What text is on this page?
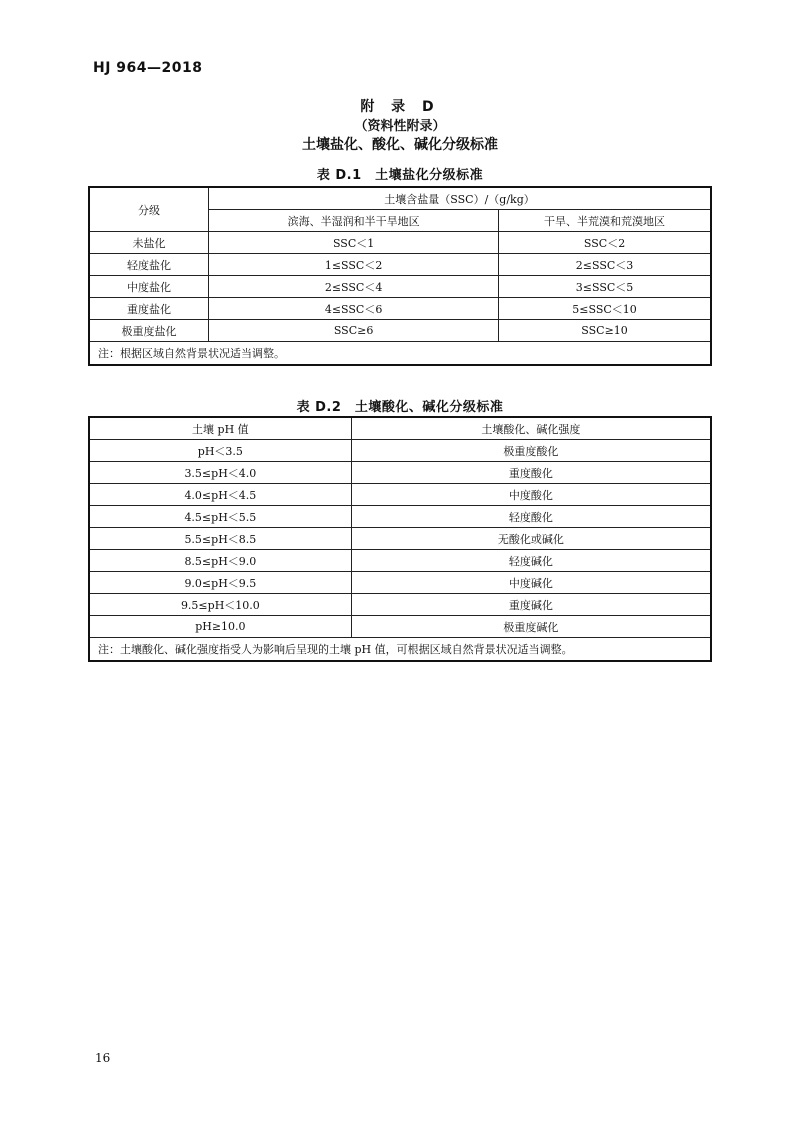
HJ 964—2018
附 录 D
（资料性附录）
土壤盐化、酸化、碱化分级标准
表 D.1　土壤盐化分级标准
分级	土壤含盐量（SSC）/（g/kg）	
	滨海、半湿润和半干旱地区	干旱、半荒漠和荒漠地区
未盐化	SSC＜1	SSC＜2
轻度盐化	1≤SSC＜2	2≤SSC＜3
中度盐化	2≤SSC＜4	3≤SSC＜5
重度盐化	4≤SSC＜6	5≤SSC＜10
极重度盐化	SSC≥6	SSC≥10
注：根据区域自然背景状况适当调整。		
表 D.2　土壤酸化、碱化分级标准
土壤 pH 值	土壤酸化、碱化强度
pH＜3.5	极重度酸化
3.5≤pH＜4.0	重度酸化
4.0≤pH＜4.5	中度酸化
4.5≤pH＜5.5	轻度酸化
5.5≤pH＜8.5	无酸化或碱化
8.5≤pH＜9.0	轻度碱化
9.0≤pH＜9.5	中度碱化
9.5≤pH＜10.0	重度碱化
pH≥10.0	极重度碱化
注：土壤酸化、碱化强度指受人为影响后呈现的土壤 pH 值，可根据区域自然背景状况适当调整。	
16
